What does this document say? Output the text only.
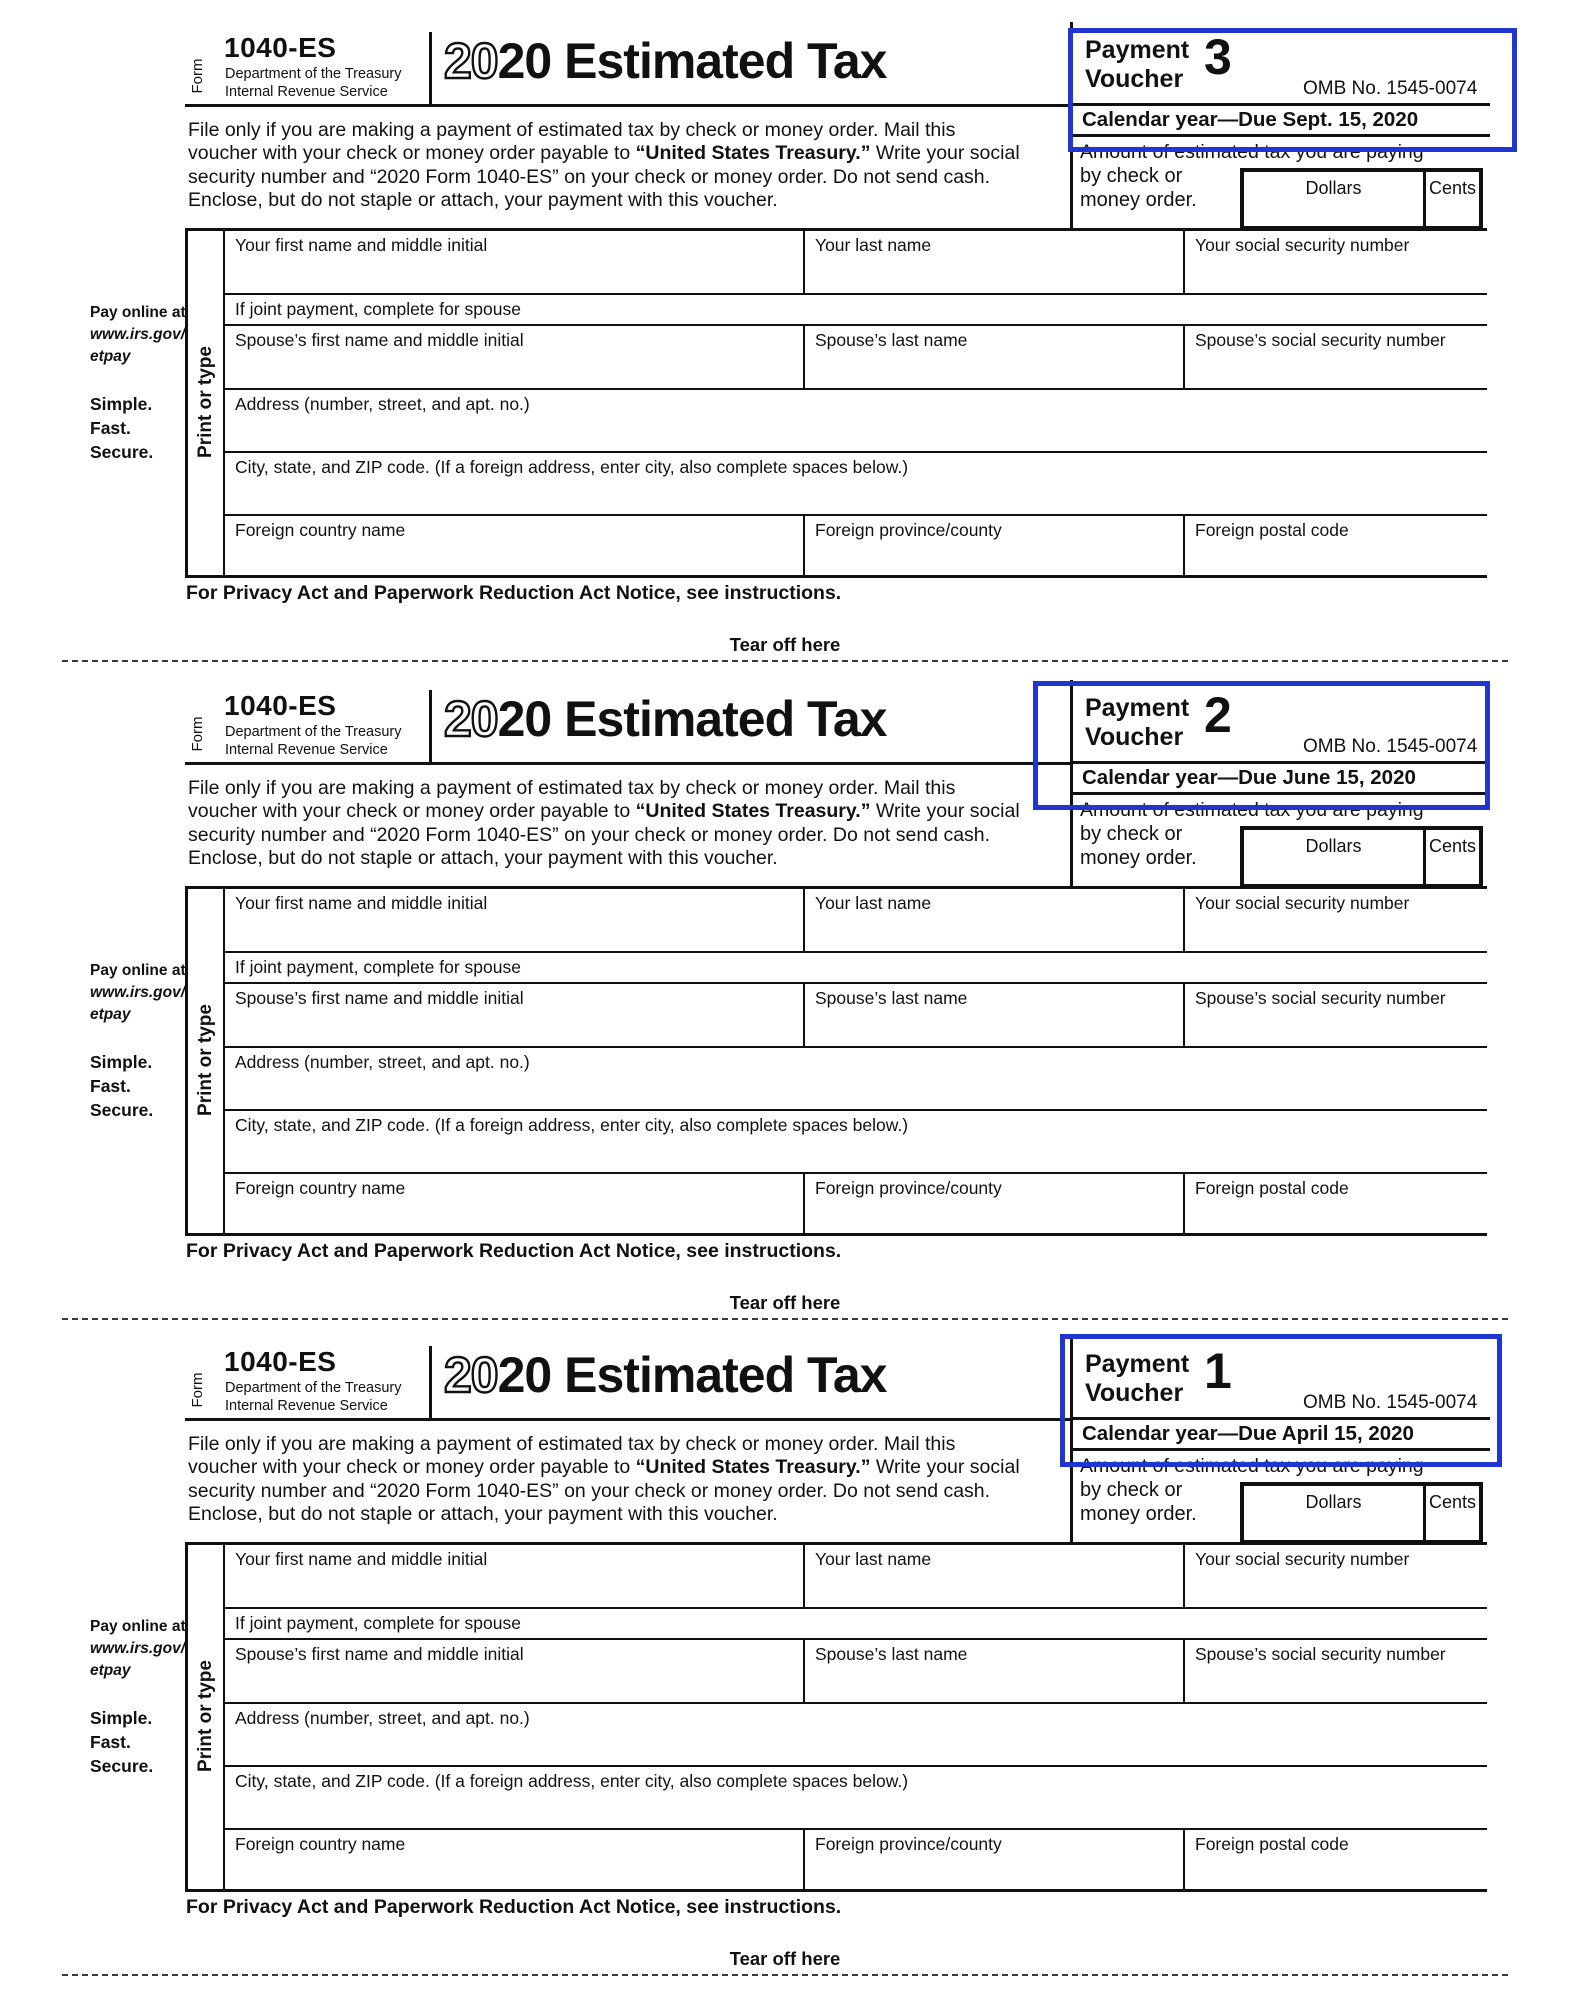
Form
1040-ES
Department of the Treasury
Internal Revenue Service
2020 Estimated Tax

File only if you are making a payment of estimated tax by check or money order. Mail this voucher with your check or money order payable to “United States Treasury.” Write your social security number and “2020 Form 1040-ES” on your check or money order. Do not send cash. Enclose, but do not staple or attach, your payment with this voucher.

Payment
Voucher 3
OMB No. 1545-0074
Calendar year—Due Sept. 15, 2020
Amount of estimated tax you are paying
by check or
money order.
Dollars	Cents
Pay online at
www.irs.gov/
etpay
Simple.
Fast.
Secure. Print or type
Your first name and middle initial	Your last name	Your social security number
If joint payment, complete for spouse
Spouse’s first name and middle initial	Spouse’s last name	Spouse’s social security number
Address (number, street, and apt. no.)
City, state, and ZIP code. (If a foreign address, enter city, also complete spaces below.)
Foreign country name	Foreign province/county	Foreign postal code
For Privacy Act and Paperwork Reduction Act Notice, see instructions.
Tear off here
Form
1040-ES
Department of the Treasury
Internal Revenue Service
2020 Estimated Tax

File only if you are making a payment of estimated tax by check or money order. Mail this voucher with your check or money order payable to “United States Treasury.” Write your social security number and “2020 Form 1040-ES” on your check or money order. Do not send cash. Enclose, but do not staple or attach, your payment with this voucher.

Payment
Voucher 2
OMB No. 1545-0074
Calendar year—Due June 15, 2020
Amount of estimated tax you are paying
by check or
money order.
Dollars	Cents
Pay online at
www.irs.gov/
etpay
Simple.
Fast.
Secure. Print or type
Your first name and middle initial	Your last name	Your social security number
If joint payment, complete for spouse
Spouse’s first name and middle initial	Spouse’s last name	Spouse’s social security number
Address (number, street, and apt. no.)
City, state, and ZIP code. (If a foreign address, enter city, also complete spaces below.)
Foreign country name	Foreign province/county	Foreign postal code
For Privacy Act and Paperwork Reduction Act Notice, see instructions.
Tear off here
Form
1040-ES
Department of the Treasury
Internal Revenue Service
2020 Estimated Tax

File only if you are making a payment of estimated tax by check or money order. Mail this voucher with your check or money order payable to “United States Treasury.” Write your social security number and “2020 Form 1040-ES” on your check or money order. Do not send cash. Enclose, but do not staple or attach, your payment with this voucher.

Payment
Voucher 1
OMB No. 1545-0074
Calendar year—Due April 15, 2020
Amount of estimated tax you are paying
by check or
money order.
Dollars	Cents
Pay online at
www.irs.gov/
etpay
Simple.
Fast.
Secure. Print or type
Your first name and middle initial	Your last name	Your social security number
If joint payment, complete for spouse
Spouse’s first name and middle initial	Spouse’s last name	Spouse’s social security number
Address (number, street, and apt. no.)
City, state, and ZIP code. (If a foreign address, enter city, also complete spaces below.)
Foreign country name	Foreign province/county	Foreign postal code
For Privacy Act and Paperwork Reduction Act Notice, see instructions.
Tear off here
